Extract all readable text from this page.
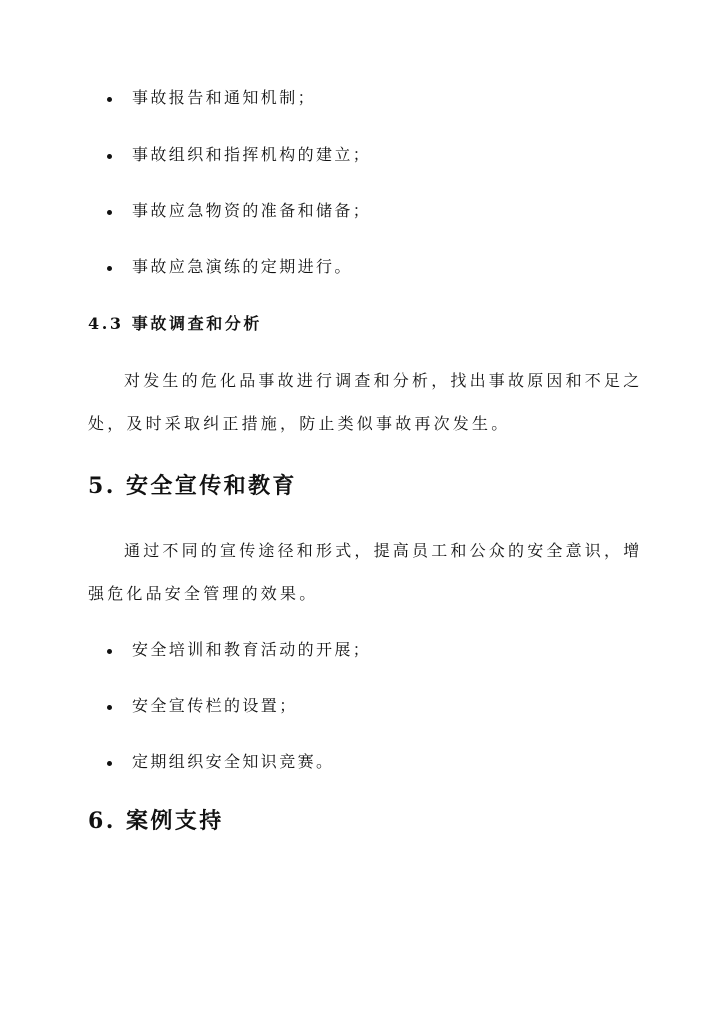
事故报告和通知机制；
事故组织和指挥机构的建立；
事故应急物资的准备和储备；
事故应急演练的定期进行。
4.3 事故调查和分析
对发生的危化品事故进行调查和分析，找出事故原因和不足之
处，及时采取纠正措施，防止类似事故再次发生。
5. 安全宣传和教育
通过不同的宣传途径和形式，提高员工和公众的安全意识，增
强危化品安全管理的效果。
安全培训和教育活动的开展；
安全宣传栏的设置；
定期组织安全知识竞赛。
6. 案例支持
